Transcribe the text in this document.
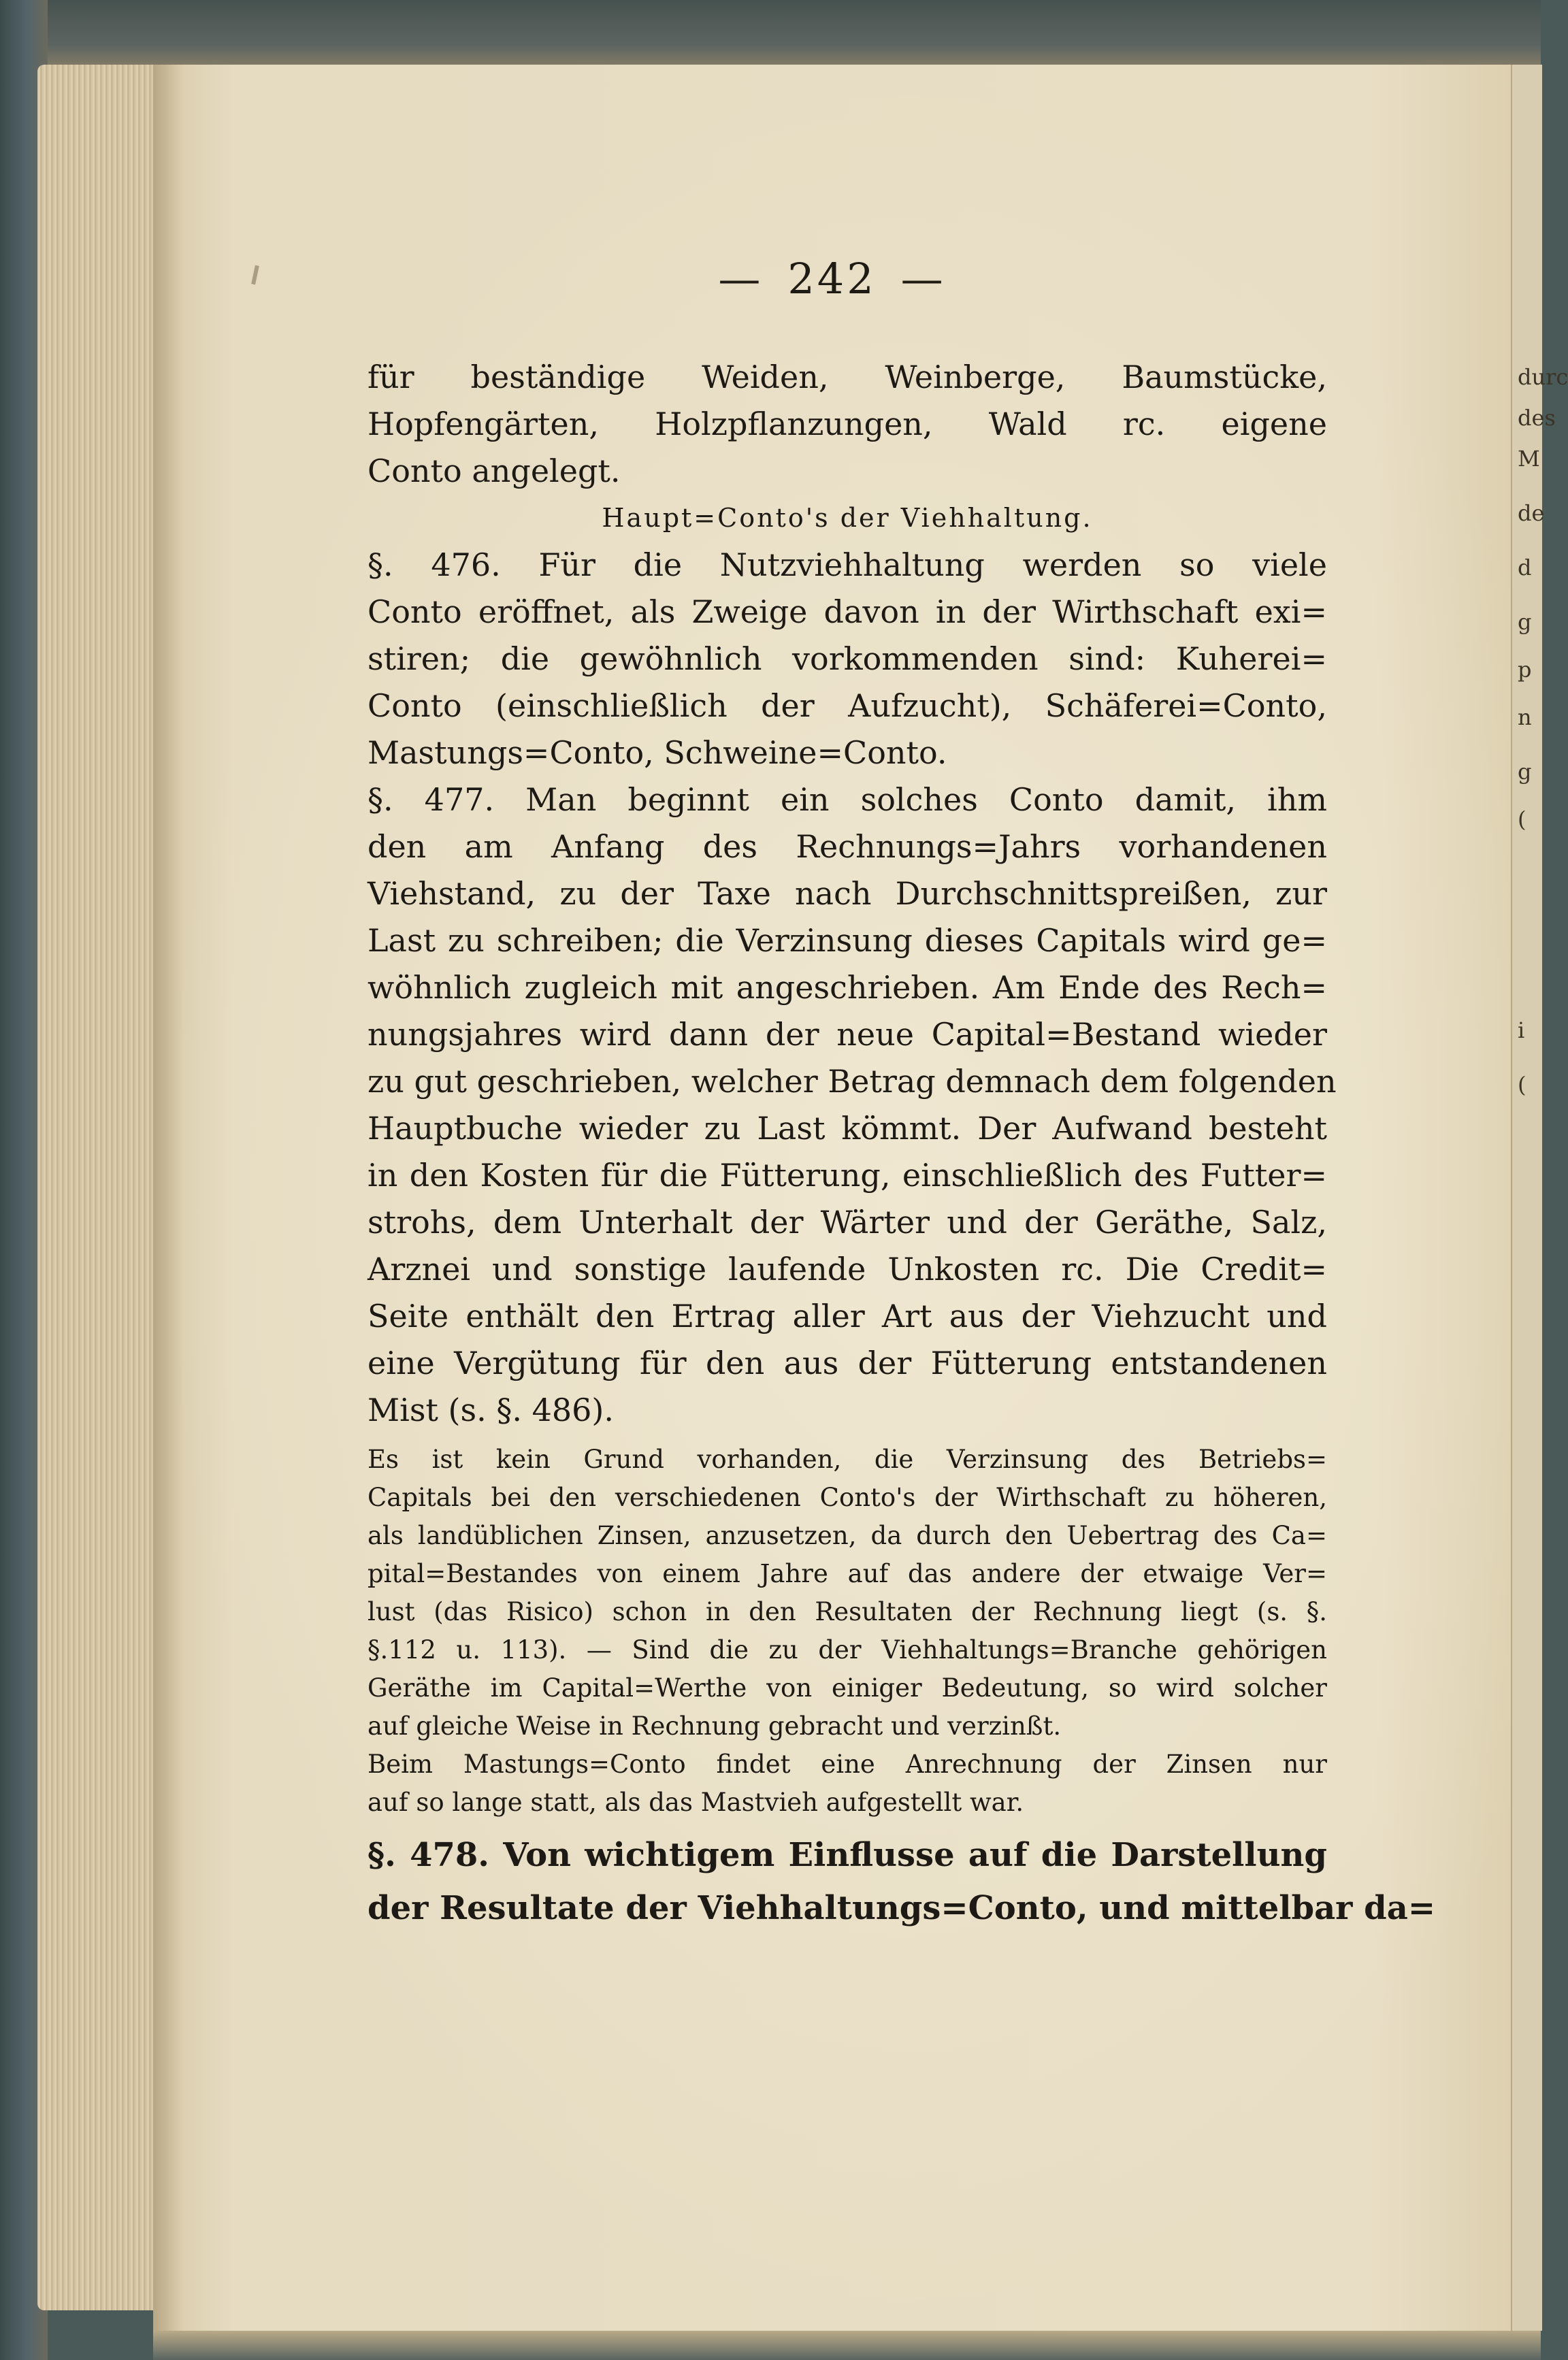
— 242 —
für beständige Weiden, Weinberge, Baumstücke,
Hopfengärten, Holzpflanzungen, Wald rc. eigene
Conto angelegt.
Haupt=Conto's der Viehhaltung.
§. 476. Für die Nutzviehhaltung werden so viele
Conto eröffnet, als Zweige davon in der Wirthschaft exi=
stiren; die gewöhnlich vorkommenden sind: Kuherei=
Conto (einschließlich der Aufzucht), Schäferei=Conto,
Mastungs=Conto, Schweine=Conto.
§. 477. Man beginnt ein solches Conto damit, ihm
den am Anfang des Rechnungs=Jahrs vorhandenen
Viehstand, zu der Taxe nach Durchschnittspreißen, zur
Last zu schreiben; die Verzinsung dieses Capitals wird ge=
wöhnlich zugleich mit angeschrieben. Am Ende des Rech=
nungsjahres wird dann der neue Capital=Bestand wieder
zu gut geschrieben, welcher Betrag demnach dem folgenden
Hauptbuche wieder zu Last kömmt. Der Aufwand besteht
in den Kosten für die Fütterung, einschließlich des Futter=
strohs, dem Unterhalt der Wärter und der Geräthe, Salz,
Arznei und sonstige laufende Unkosten rc. Die Credit=
Seite enthält den Ertrag aller Art aus der Viehzucht und
eine Vergütung für den aus der Fütterung entstandenen
Mist (s. §. 486).
Es ist kein Grund vorhanden, die Verzinsung des Betriebs=
Capitals bei den verschiedenen Conto's der Wirthschaft zu höheren,
als landüblichen Zinsen, anzusetzen, da durch den Uebertrag des Ca=
pital=Bestandes von einem Jahre auf das andere der etwaige Ver=
lust (das Risico) schon in den Resultaten der Rechnung liegt (s. §.
§.112 u. 113). — Sind die zu der Viehhaltungs=Branche gehörigen
Geräthe im Capital=Werthe von einiger Bedeutung, so wird solcher
auf gleiche Weise in Rechnung gebracht und verzinßt.
Beim Mastungs=Conto findet eine Anrechnung der Zinsen nur
auf so lange statt, als das Mastvieh aufgestellt war.
§. 478. Von wichtigem Einflusse auf die Darstellung
der Resultate der Viehhaltungs=Conto, und mittelbar da=
durc
des
M
de
d
g
p
n
g
(
i
(
